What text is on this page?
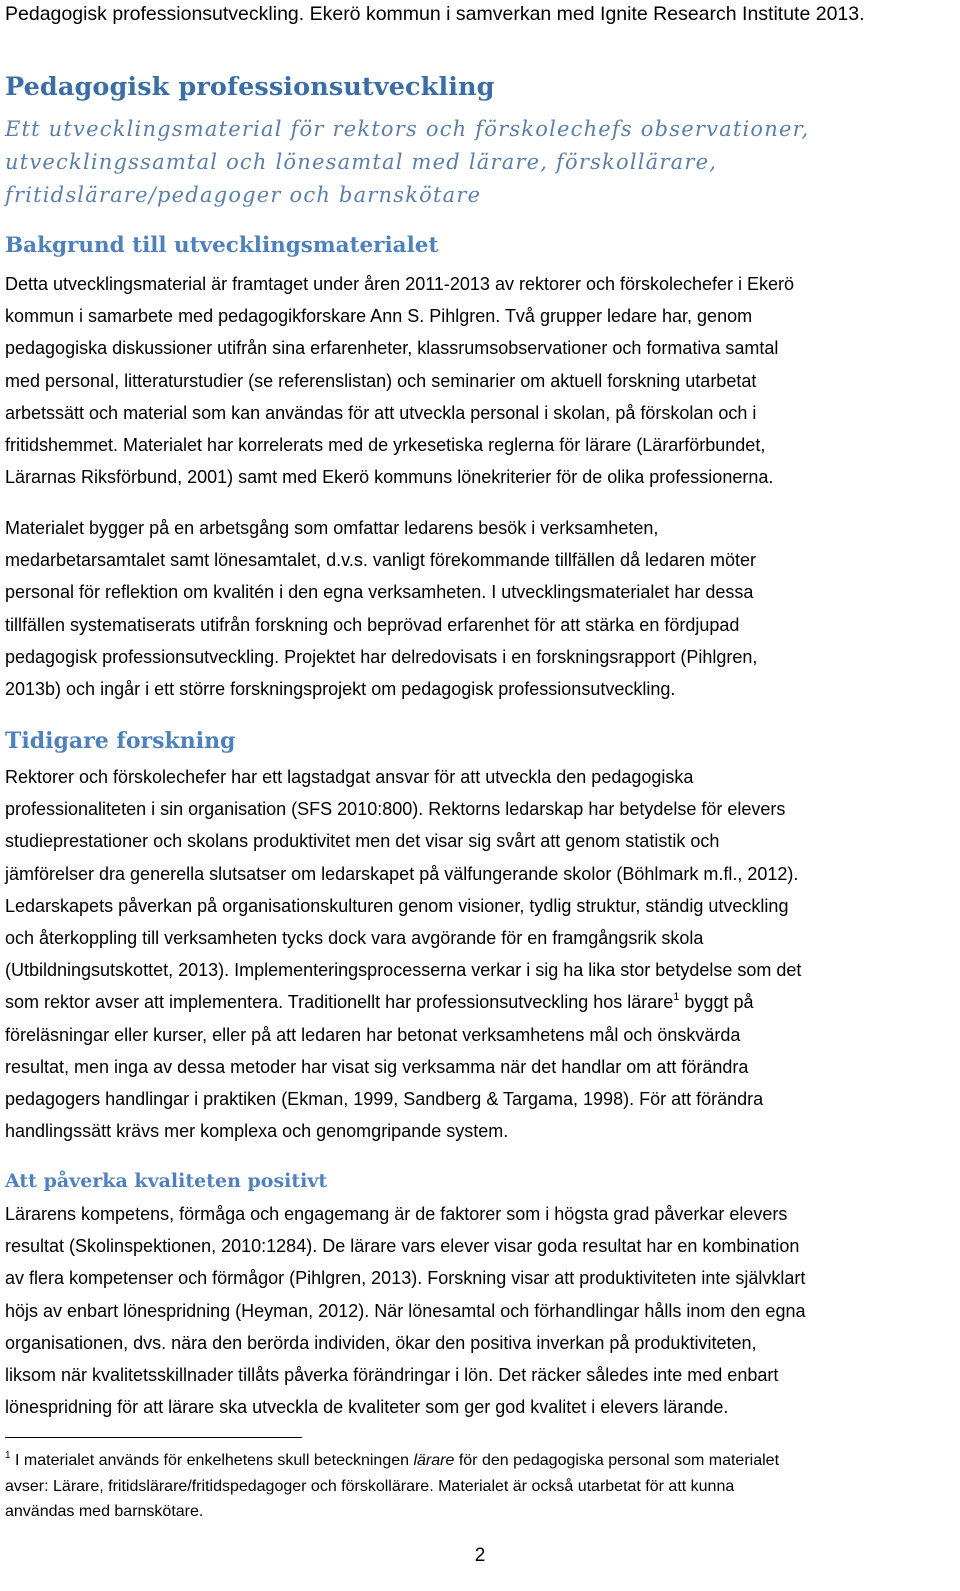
Pedagogisk professionsutveckling. Ekerö kommun i samverkan med Ignite Research Institute 2013.
Pedagogisk professionsutveckling
Ett utvecklingsmaterial för rektors och förskolechefs observationer,
utvecklingssamtal och lönesamtal med lärare, förskollärare,
fritidslärare/pedagoger och barnskötare
Bakgrund till utvecklingsmaterialet
Detta utvecklingsmaterial är framtaget under åren 2011-2013 av rektorer och förskolechefer i Ekerö
kommun i samarbete med pedagogikforskare Ann S. Pihlgren. Två grupper ledare har, genom
pedagogiska diskussioner utifrån sina erfarenheter, klassrumsobservationer och formativa samtal
med personal, litteraturstudier (se referenslistan) och seminarier om aktuell forskning utarbetat
arbetssätt och material som kan användas för att utveckla personal i skolan, på förskolan och i
fritidshemmet. Materialet har korrelerats med de yrkesetiska reglerna för lärare (Lärarförbundet,
Lärarnas Riksförbund, 2001) samt med Ekerö kommuns lönekriterier för de olika professionerna.
Materialet bygger på en arbetsgång som omfattar ledarens besök i verksamheten,
medarbetarsamtalet samt lönesamtalet, d.v.s. vanligt förekommande tillfällen då ledaren möter
personal för reflektion om kvalitén i den egna verksamheten. I utvecklingsmaterialet har dessa
tillfällen systematiserats utifrån forskning och beprövad erfarenhet för att stärka en fördjupad
pedagogisk professionsutveckling. Projektet har delredovisats i en forskningsrapport (Pihlgren,
2013b) och ingår i ett större forskningsprojekt om pedagogisk professionsutveckling.
Tidigare forskning
Rektorer och förskolechefer har ett lagstadgat ansvar för att utveckla den pedagogiska
professionaliteten i sin organisation (SFS 2010:800). Rektorns ledarskap har betydelse för elevers
studieprestationer och skolans produktivitet men det visar sig svårt att genom statistik och
jämförelser dra generella slutsatser om ledarskapet på välfungerande skolor (Böhlmark m.fl., 2012).
Ledarskapets påverkan på organisationskulturen genom visioner, tydlig struktur, ständig utveckling
och återkoppling till verksamheten tycks dock vara avgörande för en framgångsrik skola
(Utbildningsutskottet, 2013). Implementeringsprocesserna verkar i sig ha lika stor betydelse som det
som rektor avser att implementera. Traditionellt har professionsutveckling hos lärare$^1$ byggt på
föreläsningar eller kurser, eller på att ledaren har betonat verksamhetens mål och önskvärda
resultat, men inga av dessa metoder har visat sig verksamma när det handlar om att förändra
pedagogers handlingar i praktiken (Ekman, 1999, Sandberg & Targama, 1998). För att förändra
handlingssätt krävs mer komplexa och genomgripande system.
Att påverka kvaliteten positivt
Lärarens kompetens, förmåga och engagemang är de faktorer som i högsta grad påverkar elevers
resultat (Skolinspektionen, 2010:1284). De lärare vars elever visar goda resultat har en kombination
av flera kompetenser och förmågor (Pihlgren, 2013). Forskning visar att produktiviteten inte självklart
höjs av enbart lönespridning (Heyman, 2012). När lönesamtal och förhandlingar hålls inom den egna
organisationen, dvs. nära den berörda individen, ökar den positiva inverkan på produktiviteten,
liksom när kvalitetsskillnader tillåts påverka förändringar i lön. Det räcker således inte med enbart
lönespridning för att lärare ska utveckla de kvaliteter som ger god kvalitet i elevers lärande.
$^1$ I materialet används för enkelhetens skull beteckningen lärare för den pedagogiska personal som materialet
avser: Lärare, fritidslärare/fritidspedagoger och förskollärare. Materialet är också utarbetat för att kunna
användas med barnskötare.
2
